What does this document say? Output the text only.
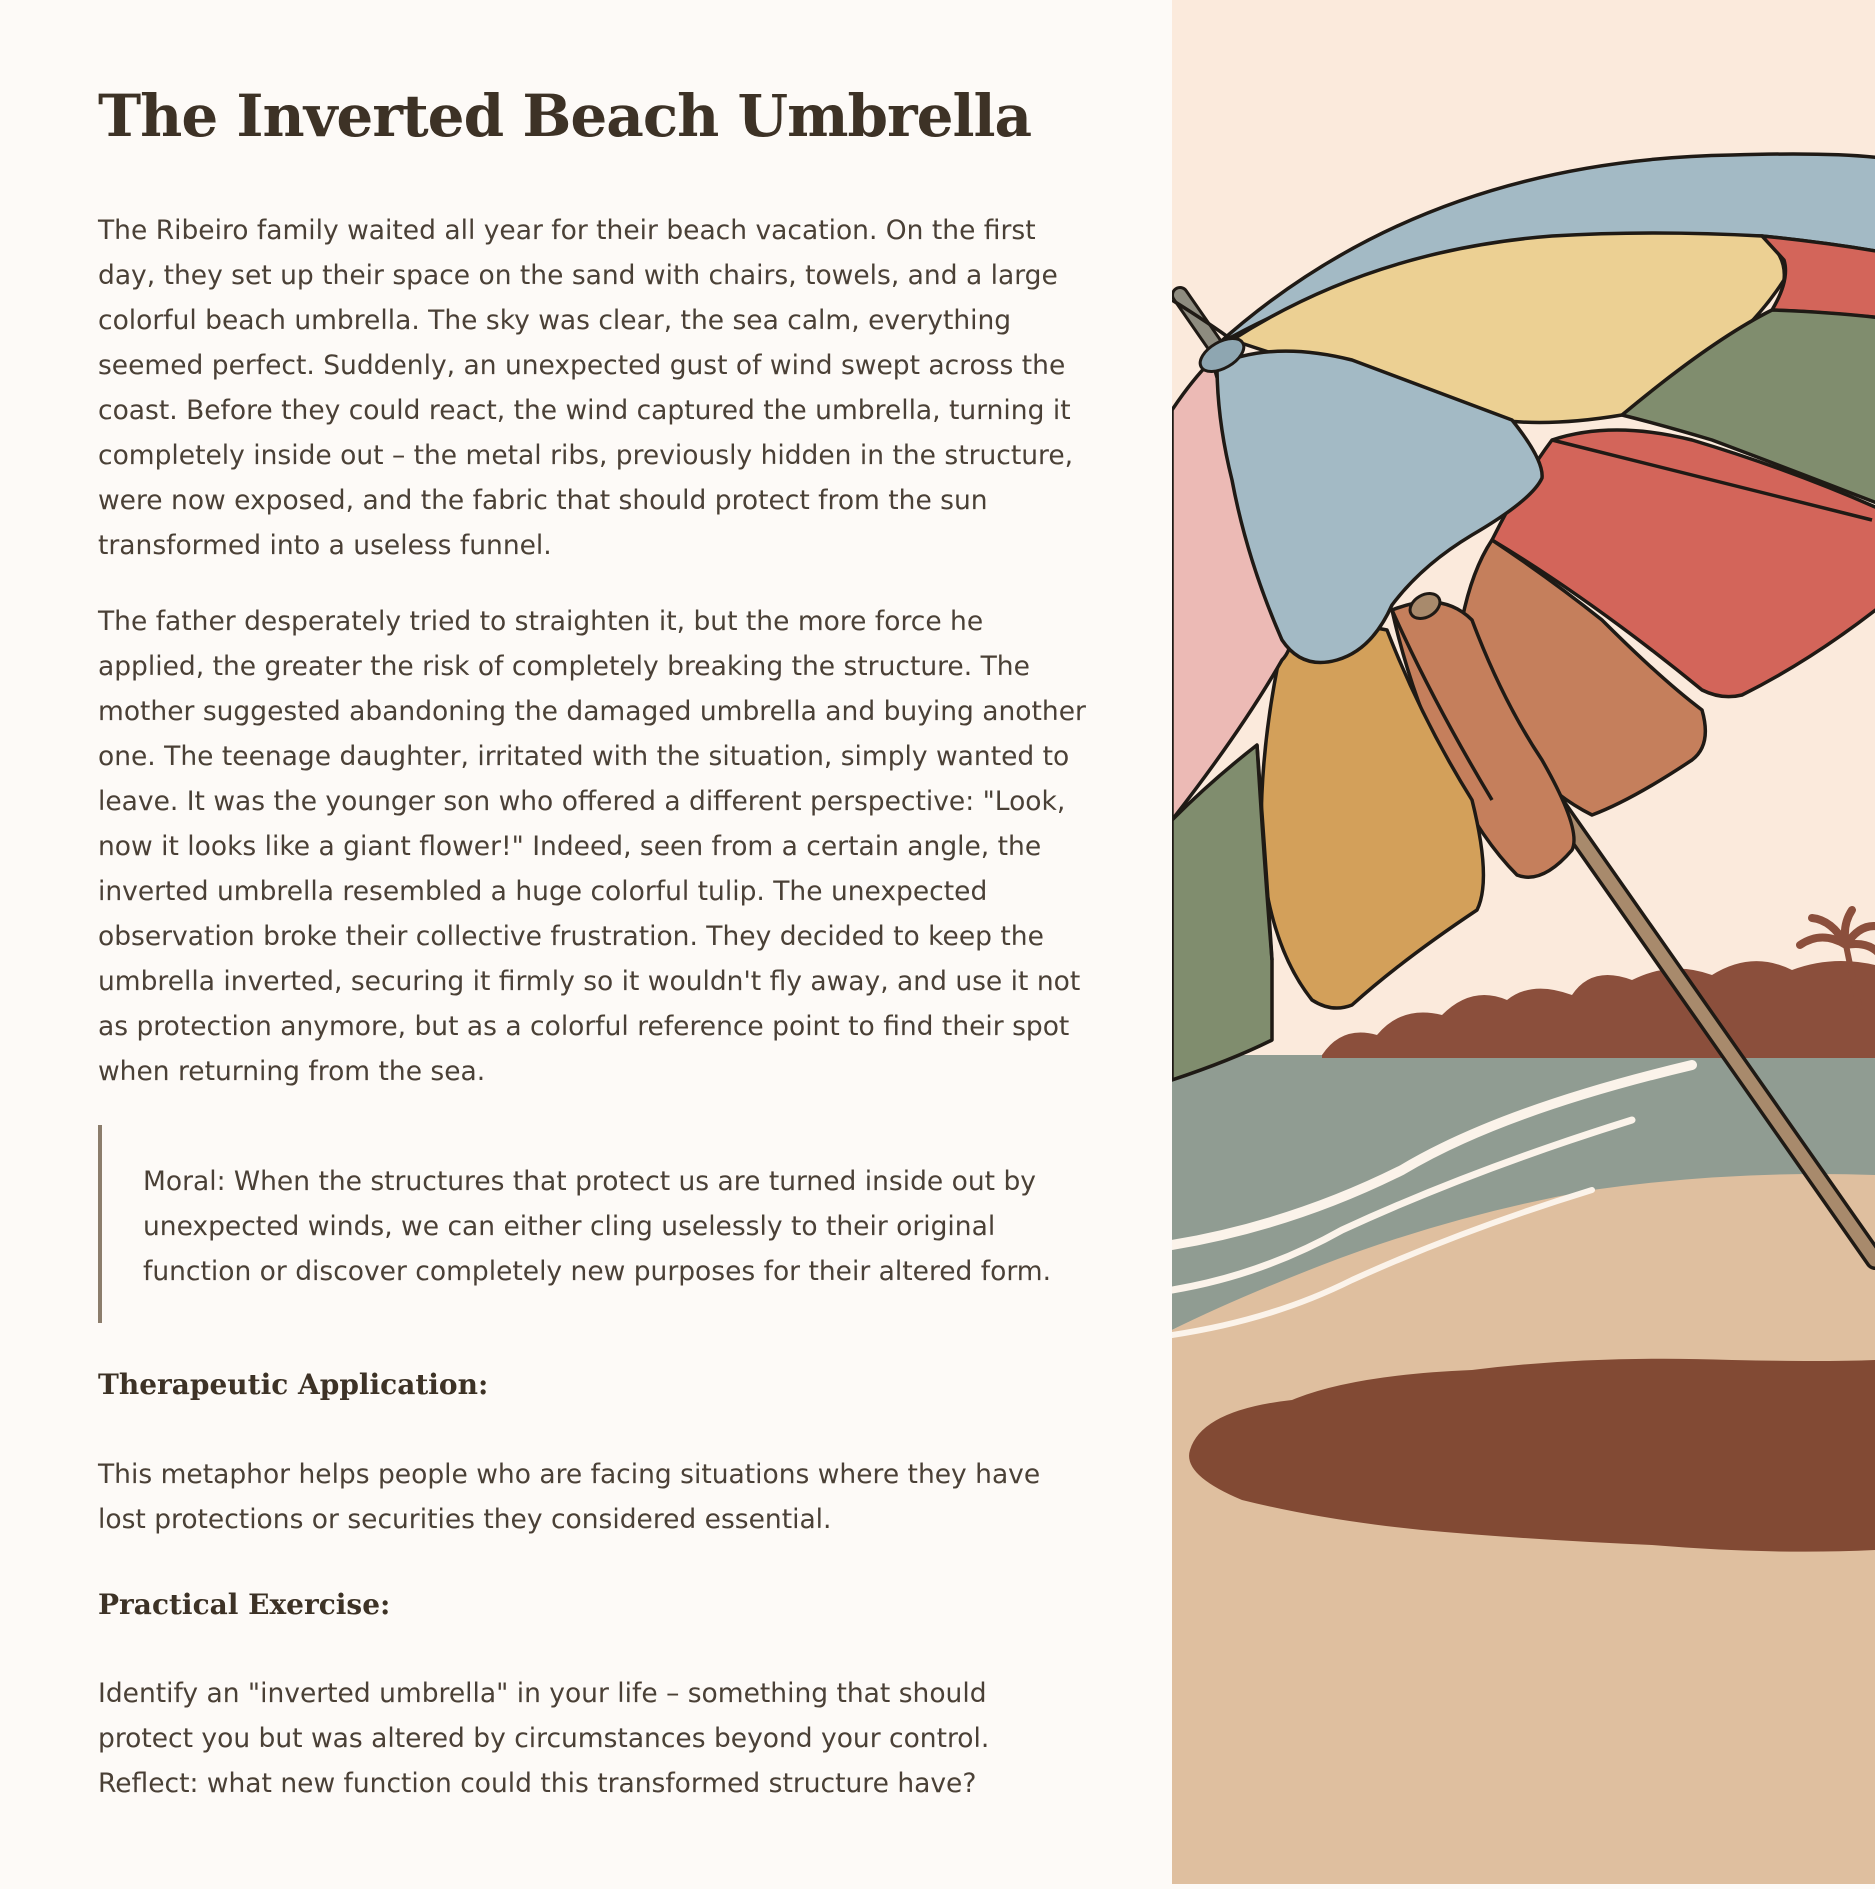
The Inverted Beach Umbrella

The Ribeiro family waited all year for their beach vacation. On the first day, they set up their space on the sand with chairs, towels, and a large colorful beach umbrella. The sky was clear, the sea calm, everything seemed perfect. Suddenly, an unexpected gust of wind swept across the coast. Before they could react, the wind captured the umbrella, turning it completely inside out – the metal ribs, previously hidden in the structure, were now exposed, and the fabric that should protect from the sun transformed into a useless funnel.

The father desperately tried to straighten it, but the more force he applied, the greater the risk of completely breaking the structure. The mother suggested abandoning the damaged umbrella and buying another one. The teenage daughter, irritated with the situation, simply wanted to leave. It was the younger son who offered a different perspective: "Look, now it looks like a giant flower!" Indeed, seen from a certain angle, the inverted umbrella resembled a huge colorful tulip. The unexpected observation broke their collective frustration. They decided to keep the umbrella inverted, securing it firmly so it wouldn't fly away, and use it not as protection anymore, but as a colorful reference point to find their spot when returning from the sea.

Moral: When the structures that protect us are turned inside out by unexpected winds, we can either cling uselessly to their original function or discover completely new purposes for their altered form.

Therapeutic Application:

This metaphor helps people who are facing situations where they have lost protections or securities they considered essential.

Practical Exercise:

Identify an "inverted umbrella" in your life – something that should protect you but was altered by circumstances beyond your control. Reflect: what new function could this transformed structure have?
